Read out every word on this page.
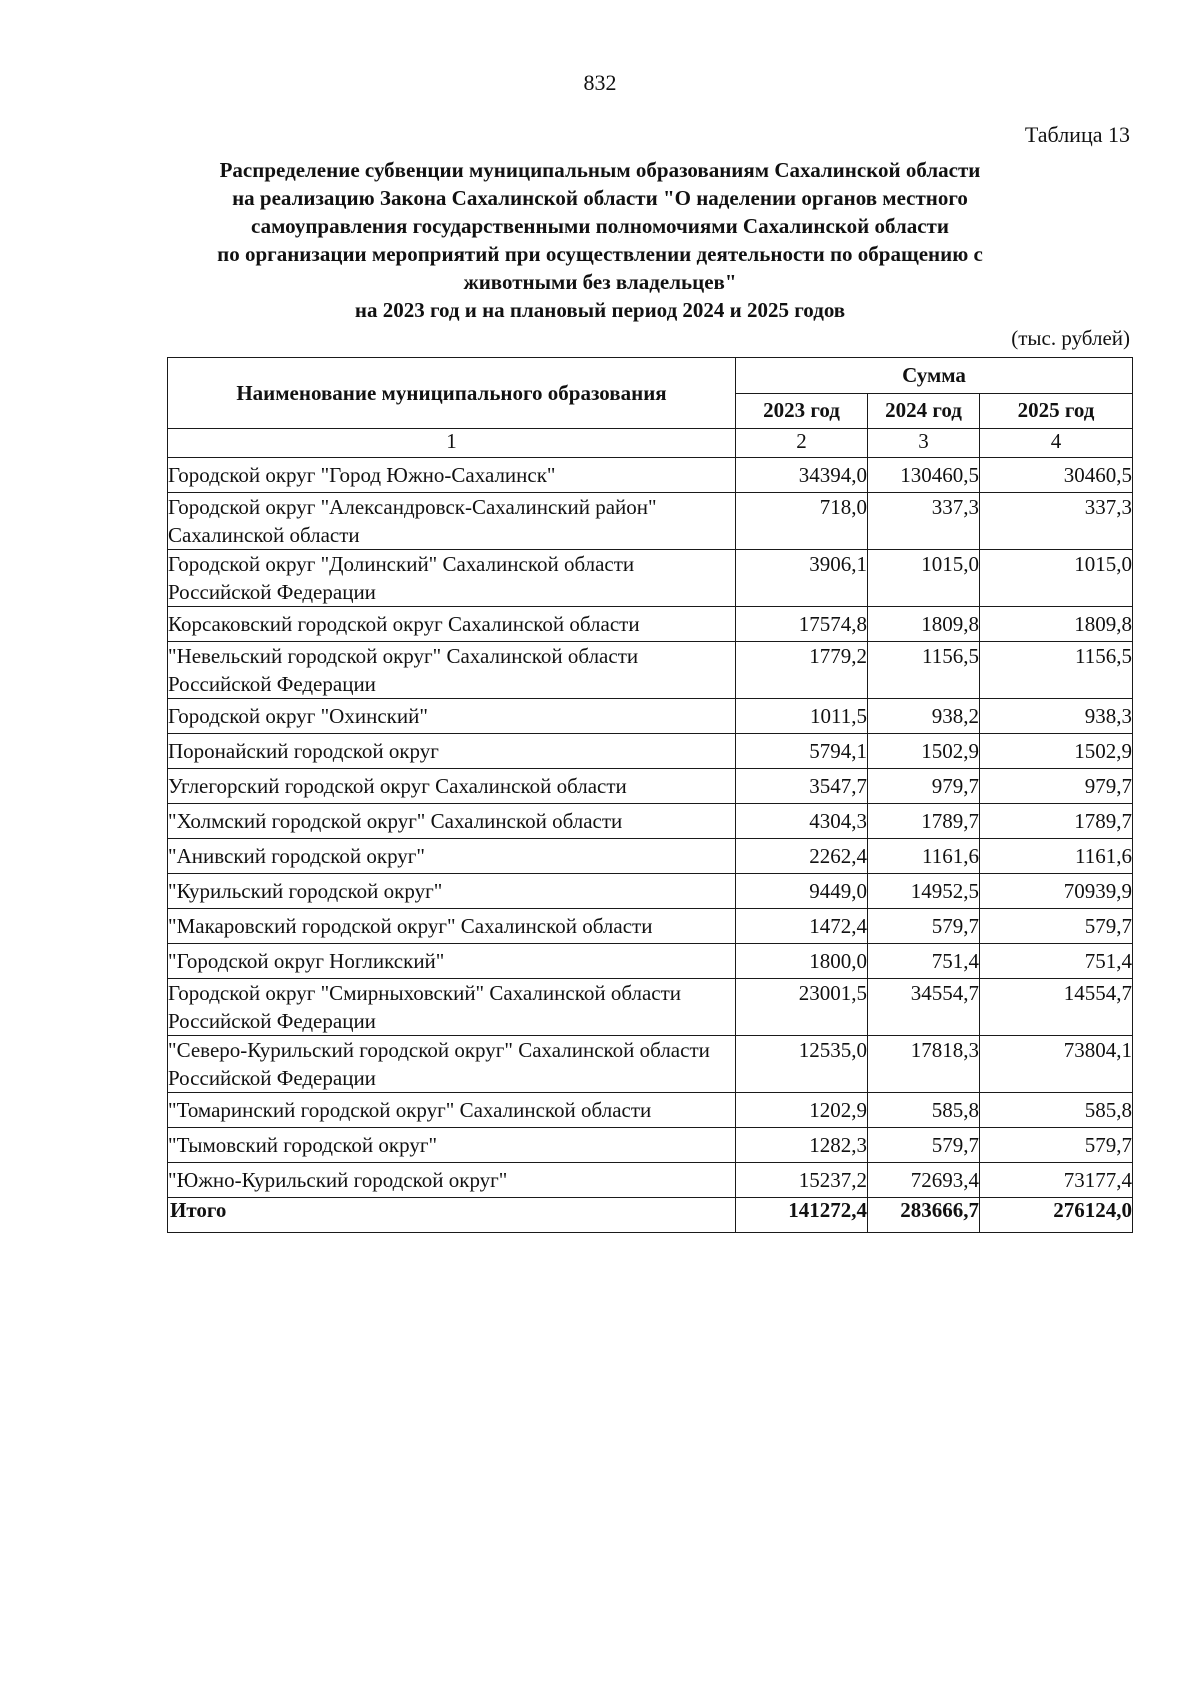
832
Таблица 13
Распределение субвенции муниципальным образованиям Сахалинской области
на реализацию Закона Сахалинской области "О наделении органов местного
самоуправления государственными полномочиями Сахалинской области
по организации мероприятий при осуществлении деятельности по обращению с
животными без владельцев"
на 2023 год и на плановый период 2024 и 2025 годов
(тыс. рублей)
Наименование муниципального образования	Сумма		
	2023 год	2024 год	2025 год
1	2	3	4
Городской округ "Город Южно-Сахалинск"	34394,0	130460,5	30460,5
Городской округ "Александровск-Сахалинский район" Сахалинской области	718,0	337,3	337,3
Городской округ "Долинский" Сахалинской области Российской Федерации	3906,1	1015,0	1015,0
Корсаковский городской округ Сахалинской области	17574,8	1809,8	1809,8
"Невельский городской округ" Сахалинской области Российской Федерации	1779,2	1156,5	1156,5
Городской округ "Охинский"	1011,5	938,2	938,3
Поронайский городской округ	5794,1	1502,9	1502,9
Углегорский городской округ Сахалинской области	3547,7	979,7	979,7
"Холмский городской округ" Сахалинской области	4304,3	1789,7	1789,7
"Анивский городской округ"	2262,4	1161,6	1161,6
"Курильский городской округ"	9449,0	14952,5	70939,9
"Макаровский городской округ" Сахалинской области	1472,4	579,7	579,7
"Городской округ Ногликский"	1800,0	751,4	751,4
Городской округ "Смирныховский" Сахалинской области Российской Федерации	23001,5	34554,7	14554,7
"Северо-Курильский городской округ" Сахалинской области Российской Федерации	12535,0	17818,3	73804,1
"Томаринский городской округ" Сахалинской области	1202,9	585,8	585,8
"Тымовский городской округ"	1282,3	579,7	579,7
"Южно-Курильский городской округ"	15237,2	72693,4	73177,4
Итого	141272,4	283666,7	276124,0
